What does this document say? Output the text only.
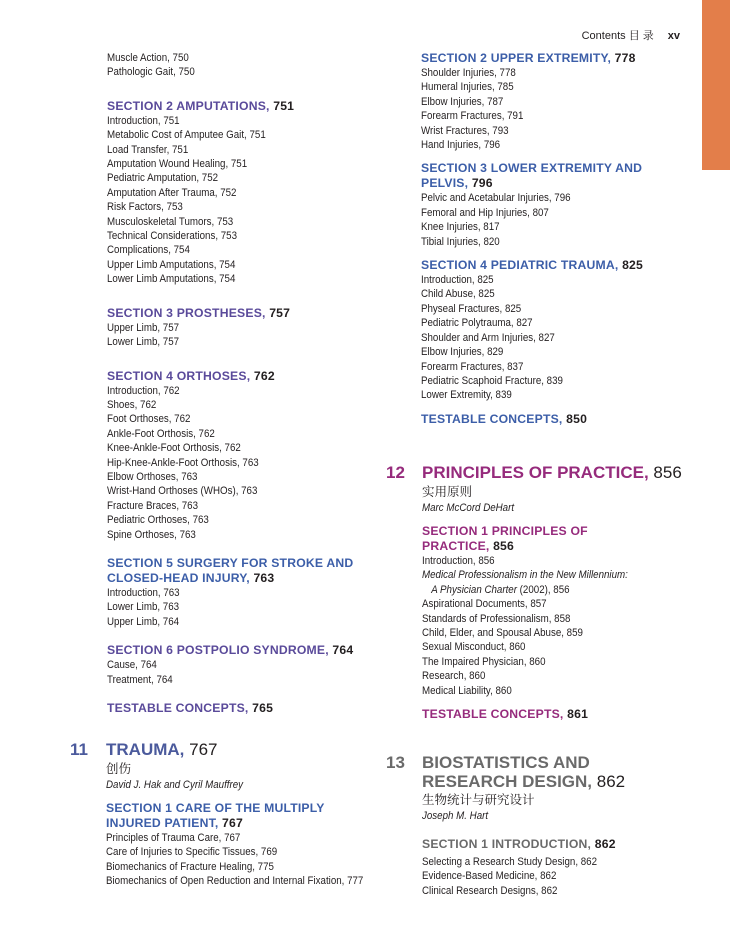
Contents 目 录 xv
Muscle Action, 750
Pathologic Gait, 750
SECTION 2 AMPUTATIONS, 751
Introduction, 751
Metabolic Cost of Amputee Gait, 751
Load Transfer, 751
Amputation Wound Healing, 751
Pediatric Amputation, 752
Amputation After Trauma, 752
Risk Factors, 753
Musculoskeletal Tumors, 753
Technical Considerations, 753
Complications, 754
Upper Limb Amputations, 754
Lower Limb Amputations, 754
SECTION 3 PROSTHESES, 757
Upper Limb, 757
Lower Limb, 757
SECTION 4 ORTHOSES, 762
Introduction, 762
Shoes, 762
Foot Orthoses, 762
Ankle-Foot Orthosis, 762
Knee-Ankle-Foot Orthosis, 762
Hip-Knee-Ankle-Foot Orthosis, 763
Elbow Orthoses, 763
Wrist-Hand Orthoses (WHOs), 763
Fracture Braces, 763
Pediatric Orthoses, 763
Spine Orthoses, 763
SECTION 5 SURGERY FOR STROKE AND
CLOSED-HEAD INJURY, 763
Introduction, 763
Lower Limb, 763
Upper Limb, 764
SECTION 6 POSTPOLIO SYNDROME, 764
Cause, 764
Treatment, 764
TESTABLE CONCEPTS, 765
11	TRAUMA, 767
创伤
David J. Hak and Cyril Mauffrey
SECTION 1 CARE OF THE MULTIPLY
INJURED PATIENT, 767
Principles of Trauma Care, 767
Care of Injuries to Specific Tissues, 769
Biomechanics of Fracture Healing, 775
Biomechanics of Open Reduction and Internal Fixation, 777
SECTION 2 UPPER EXTREMITY, 778
Shoulder Injuries, 778
Humeral Injuries, 785
Elbow Injuries, 787
Forearm Fractures, 791
Wrist Fractures, 793
Hand Injuries, 796
SECTION 3 LOWER EXTREMITY AND
PELVIS, 796
Pelvic and Acetabular Injuries, 796
Femoral and Hip Injuries, 807
Knee Injuries, 817
Tibial Injuries, 820
SECTION 4 PEDIATRIC TRAUMA, 825
Introduction, 825
Child Abuse, 825
Physeal Fractures, 825
Pediatric Polytrauma, 827
Shoulder and Arm Injuries, 827
Elbow Injuries, 829
Forearm Fractures, 837
Pediatric Scaphoid Fracture, 839
Lower Extremity, 839
TESTABLE CONCEPTS, 850
12	PRINCIPLES OF PRACTICE, 856
实用原则
Marc McCord DeHart
SECTION 1 PRINCIPLES OF
PRACTICE, 856
Introduction, 856
Medical Professionalism in the New Millennium:
A Physician Charter (2002), 856
Aspirational Documents, 857
Standards of Professionalism, 858
Child, Elder, and Spousal Abuse, 859
Sexual Misconduct, 860
The Impaired Physician, 860
Research, 860
Medical Liability, 860
TESTABLE CONCEPTS, 861
13	BIOSTATISTICS AND
RESEARCH DESIGN, 862
生物统计与研究设计
Joseph M. Hart
SECTION 1 INTRODUCTION, 862
Selecting a Research Study Design, 862
Evidence-Based Medicine, 862
Clinical Research Designs, 862
